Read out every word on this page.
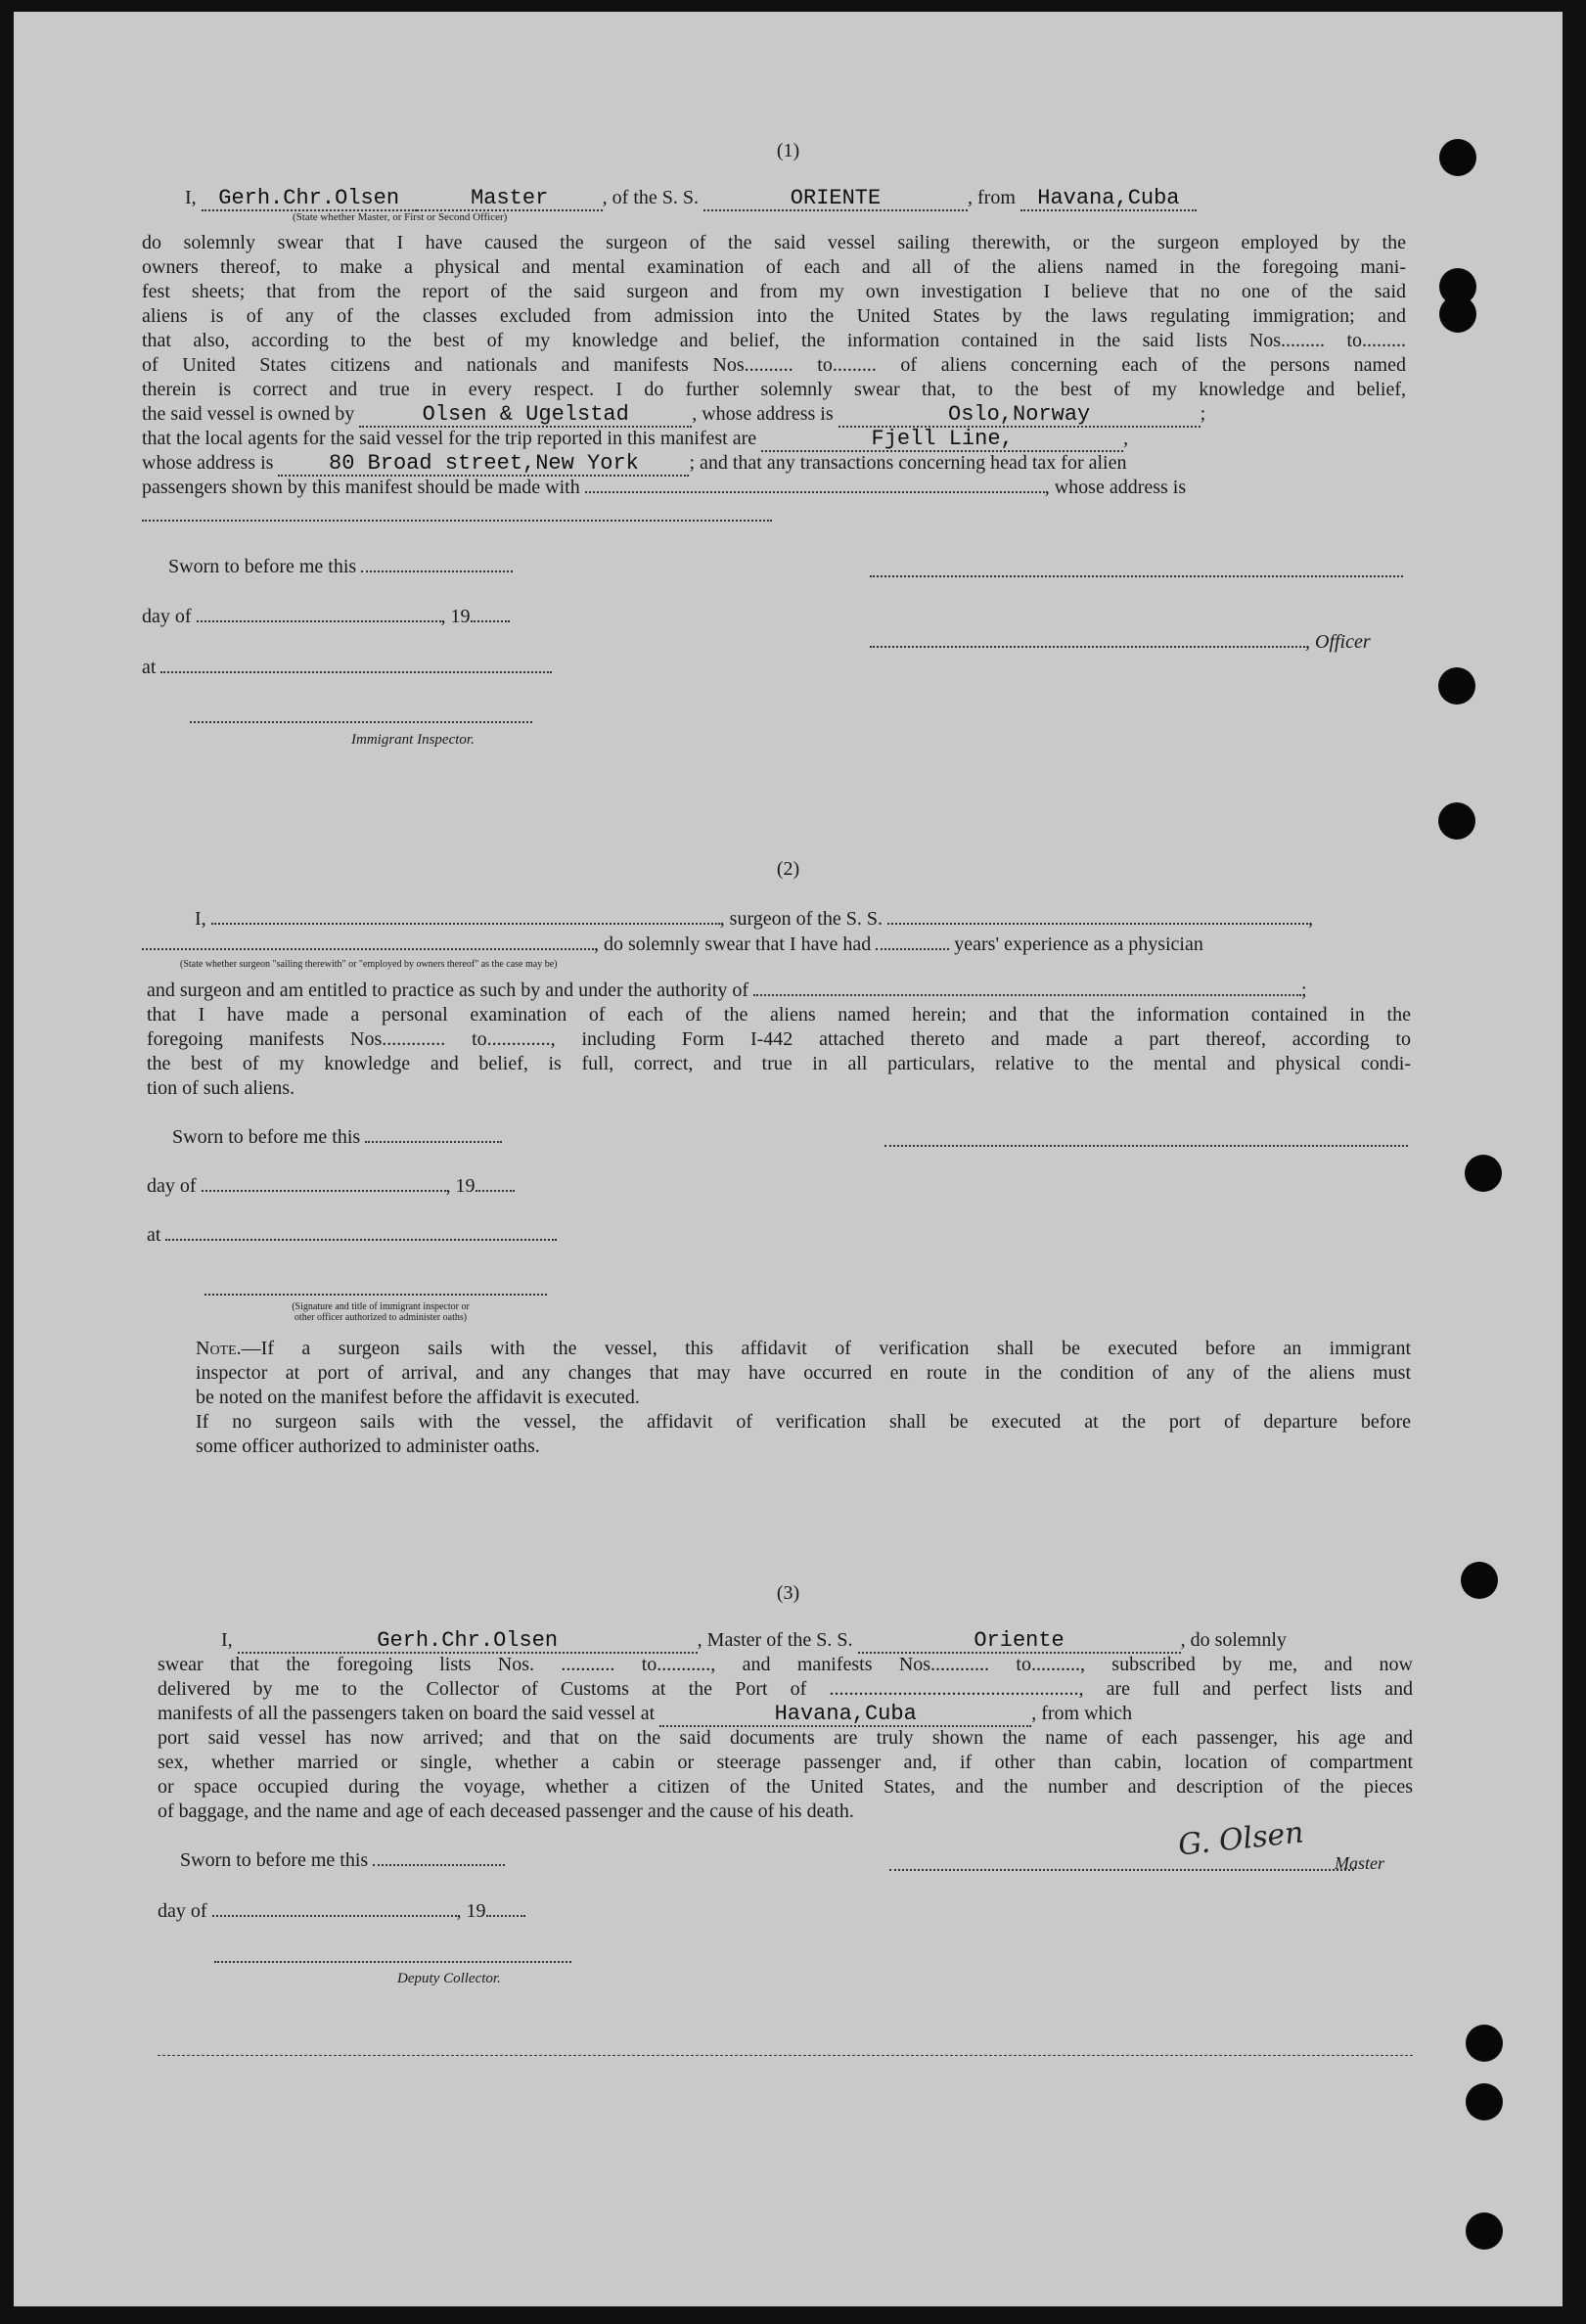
​	(1)
I, Gerh.Chr.Olsen	Master	, of the S. S.	ORIENTE	, from Havana,Cuba
(State whether Master, or First or Second Officer)
do solemnly swear that I have caused the surgeon of the said vessel sailing therewith, or the surgeon employed by the
owners thereof, to make a physical and mental examination of each and all of the aliens named in the foregoing mani-
fest sheets; that from the report of the said surgeon and from my own investigation I believe that no one of the said
aliens is of any of the classes excluded from admission into the United States by the laws regulating immigration; and
that also, according to the best of my knowledge and belief, the information contained in the said lists Nos......... to.........
of United States citizens and nationals and manifests Nos.......... to......... of aliens concerning each of the persons named
therein is correct and true in every respect. I do further solemnly swear that, to the best of my knowledge and belief,
the said vessel is owned by	Olsen & Ugelstad	, whose address is	Oslo,Norway	;
that the local agents for the said vessel for the trip reported in this manifest are	Fjell Line,	,
whose address is	80 Broad street,New York	; and that any transactions concerning head tax for alien
passengers shown by this manifest should be made with	, whose address is
Sworn to before me this
day of	, 19
, Officer
at
Immigrant Inspector.
(2)
I,	, surgeon of the S. S.	,
, do solemnly swear that I have had	years' experience as a physician
(State whether surgeon "sailing therewith" or "employed by owners thereof" as the case may be)
and surgeon and am entitled to practice as such by and under the authority of	;
that I have made a personal examination of each of the aliens named herein; and that the information contained in the
foregoing manifests Nos............. to............., including Form I-442 attached thereto and made a part thereof, according to
the best of my knowledge and belief, is full, correct, and true in all particulars, relative to the mental and physical condi-
tion of such aliens.
Sworn to before me this
day of	, 19
at
(Signature and title of immigrant inspector or
other officer authorized to administer oaths)
Note.—If a surgeon sails with the vessel, this affidavit of verification shall be executed before an immigrant
inspector at port of arrival, and any changes that may have occurred en route in the condition of any of the aliens must
be noted on the manifest before the affidavit is executed.
If no surgeon sails with the vessel, the affidavit of verification shall be executed at the port of departure before
some officer authorized to administer oaths.
(3)
I,	Gerh.Chr.Olsen	, Master of the S. S.	Oriente	, do solemnly
swear that the foregoing lists Nos. ........... to..........., and manifests Nos............ to.........., subscribed by me, and now
delivered by me to the Collector of Customs at the Port of ..................................................., are full and perfect lists and
manifests of all the passengers taken on board the said vessel at	Havana,Cuba	, from which
port said vessel has now arrived; and that on the said documents are truly shown the name of each passenger, his age and
sex, whether married or single, whether a cabin or steerage passenger and, if other than cabin, location of compartment
or space occupied during the voyage, whether a citizen of the United States, and the number and description of the pieces
of baggage, and the name and age of each deceased passenger and the cause of his death.
Sworn to before me this	G. Olsen
Master
day of	, 19
Deputy Collector.
